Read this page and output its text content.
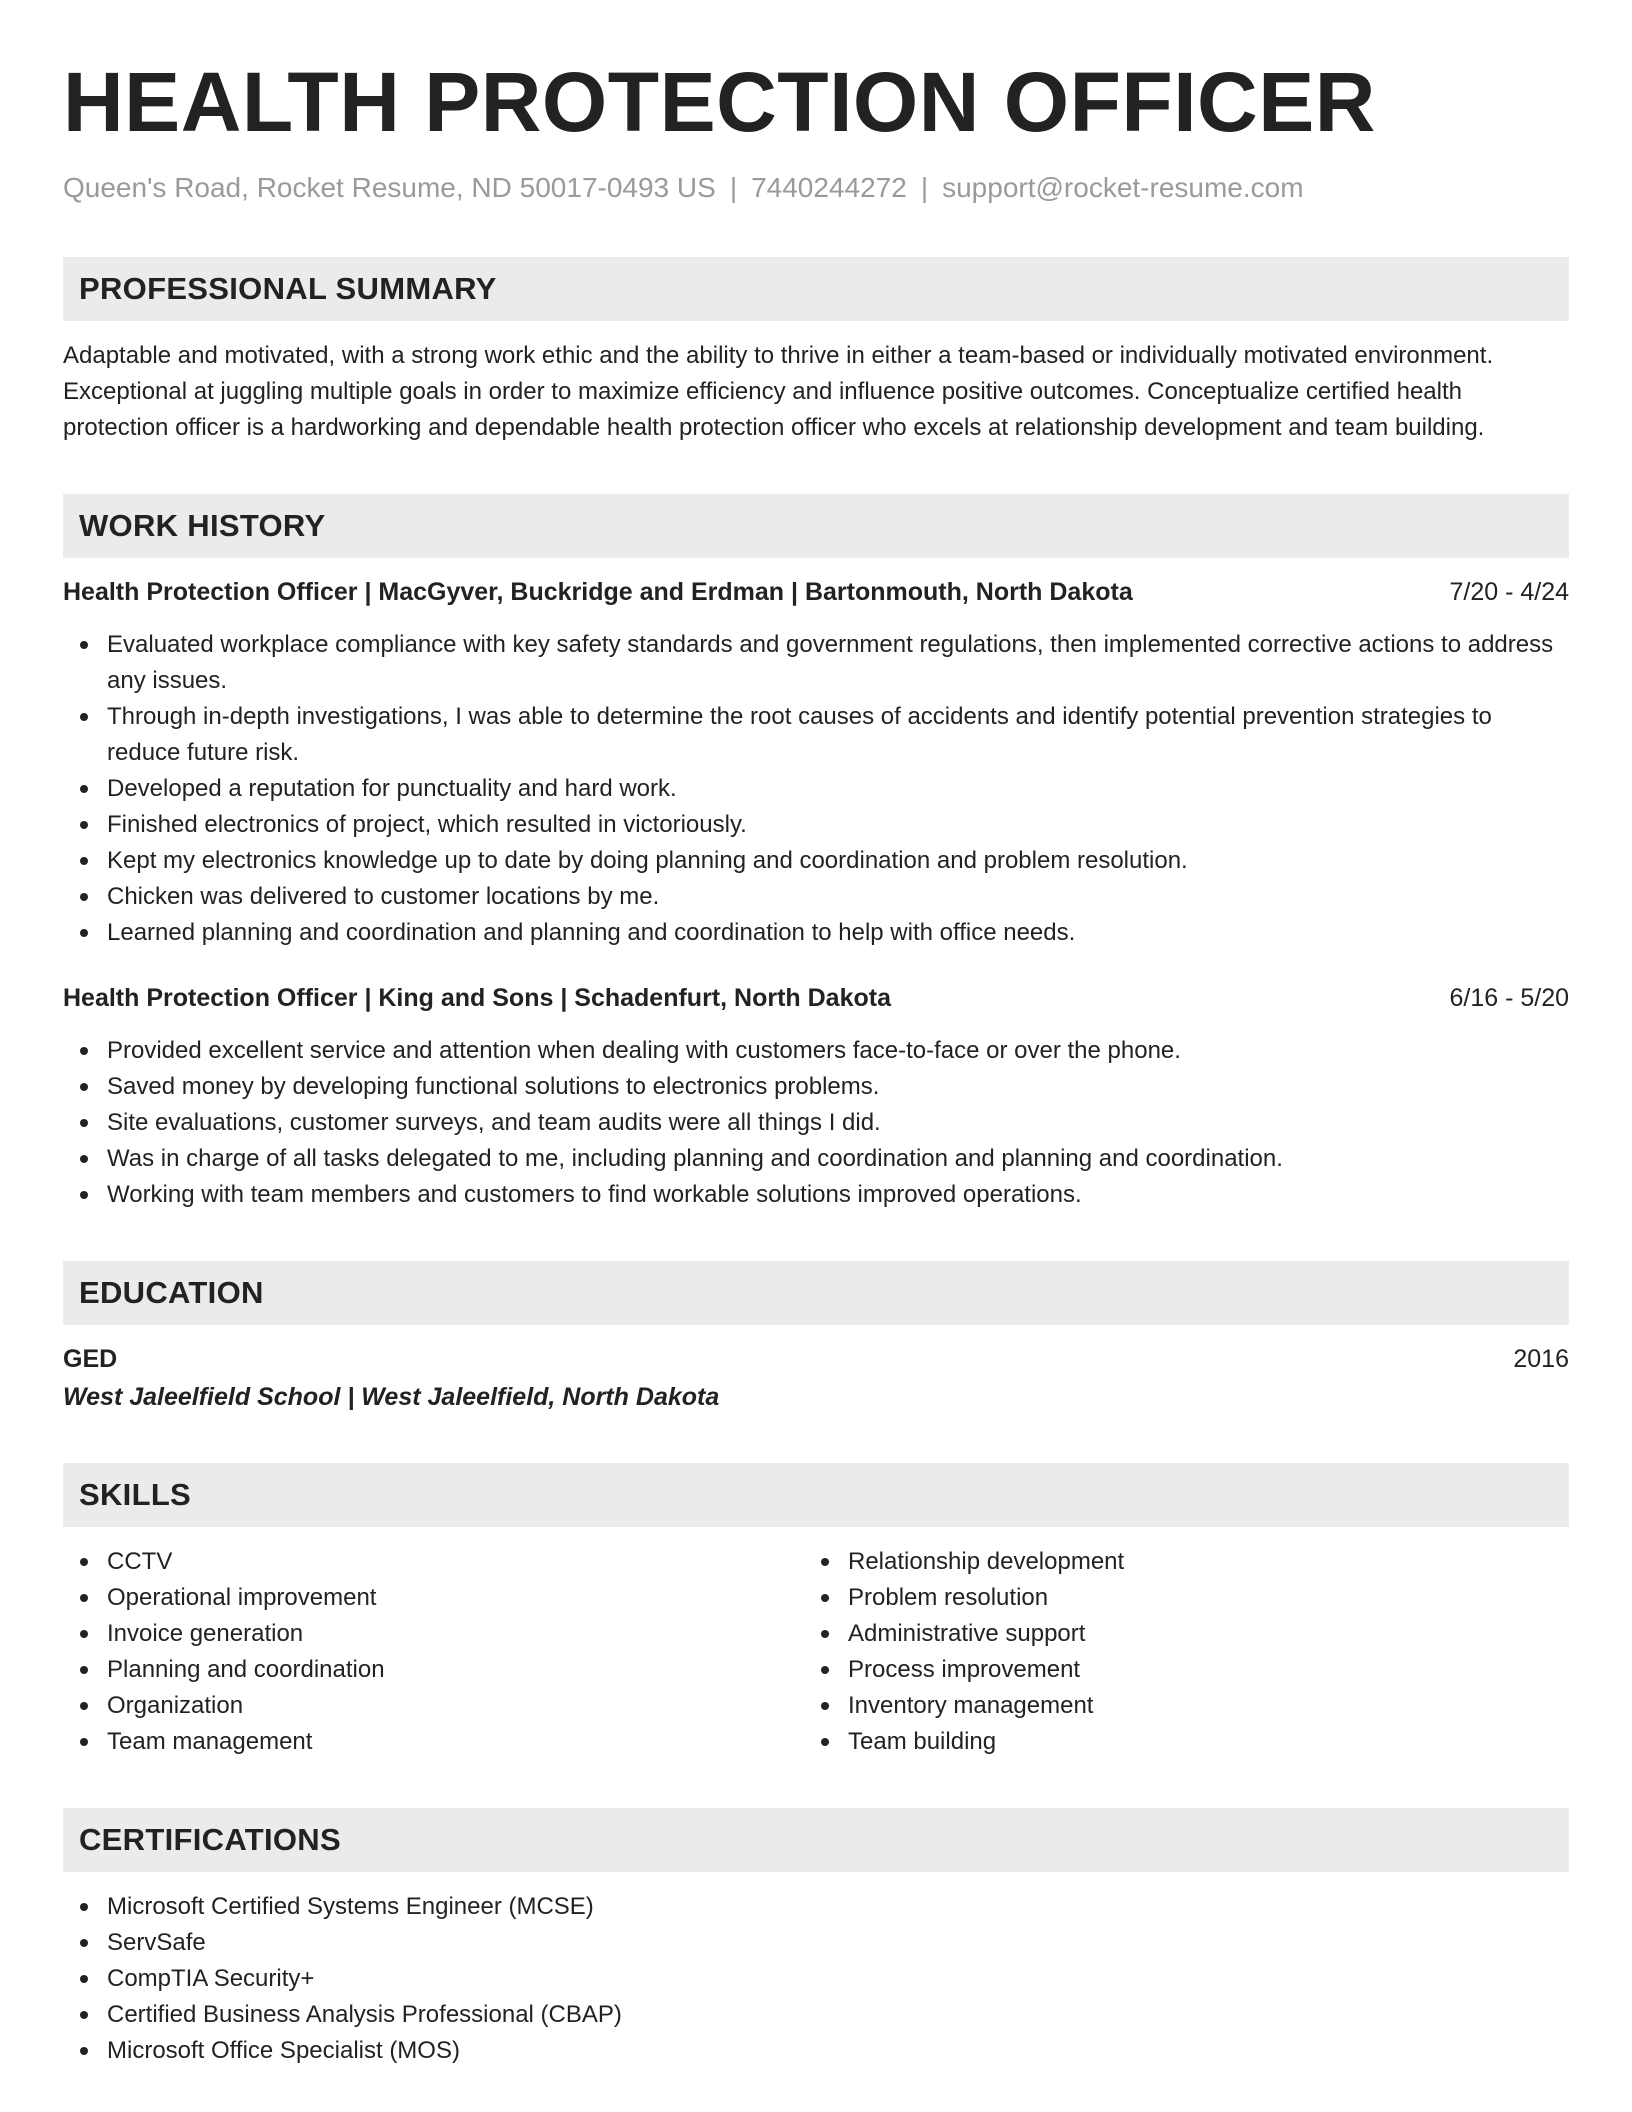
HEALTH PROTECTION OFFICER
Queen's Road, Rocket Resume, ND 50017-0493 US | 7440244272 | support@rocket-resume.com
PROFESSIONAL SUMMARY
Adaptable and motivated, with a strong work ethic and the ability to thrive in either a team-based or individually motivated environment. Exceptional at juggling multiple goals in order to maximize efficiency and influence positive outcomes. Conceptualize certified health protection officer is a hardworking and dependable health protection officer who excels at relationship development and team building.
WORK HISTORY
Health Protection Officer | MacGyver, Buckridge and Erdman | Bartonmouth, North Dakota	7/20 - 4/24
Evaluated workplace compliance with key safety standards and government regulations, then implemented corrective actions to address any issues.
Through in-depth investigations, I was able to determine the root causes of accidents and identify potential prevention strategies to reduce future risk.
Developed a reputation for punctuality and hard work.
Finished electronics of project, which resulted in victoriously.
Kept my electronics knowledge up to date by doing planning and coordination and problem resolution.
Chicken was delivered to customer locations by me.
Learned planning and coordination and planning and coordination to help with office needs.
Health Protection Officer | King and Sons | Schadenfurt, North Dakota	6/16 - 5/20
Provided excellent service and attention when dealing with customers face-to-face or over the phone.
Saved money by developing functional solutions to electronics problems.
Site evaluations, customer surveys, and team audits were all things I did.
Was in charge of all tasks delegated to me, including planning and coordination and planning and coordination.
Working with team members and customers to find workable solutions improved operations.
EDUCATION
GED	2016
West Jaleelfield School | West Jaleelfield, North Dakota
SKILLS
CCTV
Operational improvement
Invoice generation
Planning and coordination
Organization
Team management
Relationship development
Problem resolution
Administrative support
Process improvement
Inventory management
Team building
CERTIFICATIONS
Microsoft Certified Systems Engineer (MCSE)
ServSafe
CompTIA Security+
Certified Business Analysis Professional (CBAP)
Microsoft Office Specialist (MOS)
